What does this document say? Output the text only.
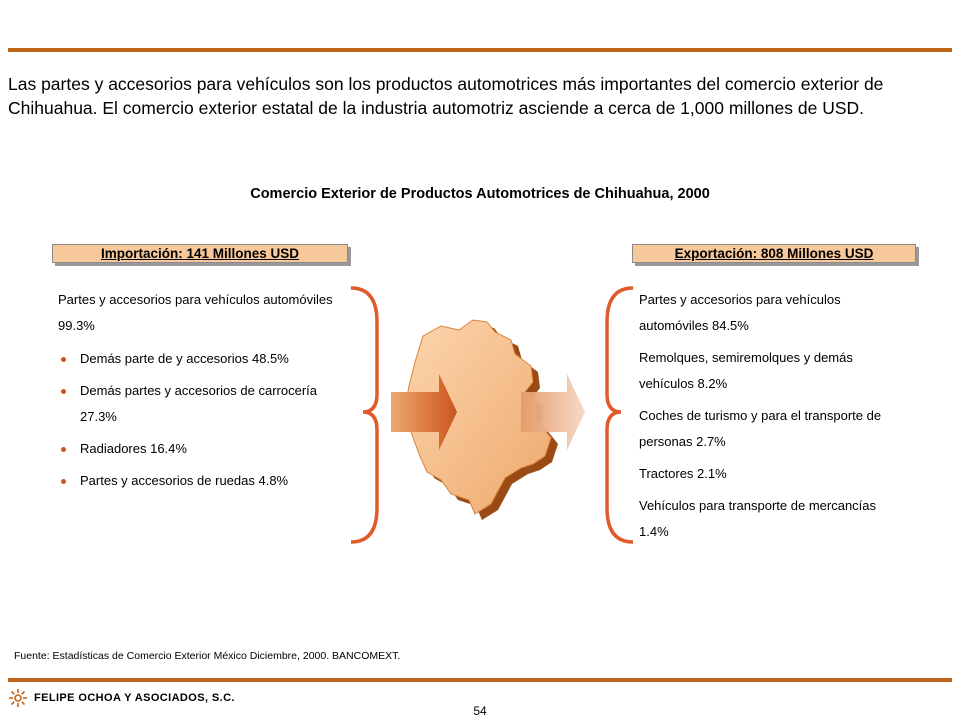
Las partes y accesorios para vehículos son los productos automotrices más importantes del comercio exterior de Chihuahua. El comercio exterior estatal de la industria automotriz asciende a cerca de 1,000 millones de USD.

Comercio Exterior de Productos Automotrices de Chihuahua, 2000
Importación: 141 Millones USD	Exportación: 808 Millones USD

Partes y accesorios para vehículos automóviles 99.3%

Demás parte de y accesorios 48.5%
Demás partes y accesorios de carrocería 27.3%
Radiadores 16.4%
Partes y accesorios de ruedas 4.8%

Partes y accesorios para vehículos automóviles 84.5%

Remolques, semiremolques y demás vehículos 8.2%

Coches de turismo y para el transporte de personas 2.7%

Tractores 2.1%

Vehículos para transporte de mercancías 1.4%

Fuente: Estadísticas de Comercio Exterior México Diciembre, 2000. BANCOMEXT.

FELIPE OCHOA Y ASOCIADOS, S.C.
54
